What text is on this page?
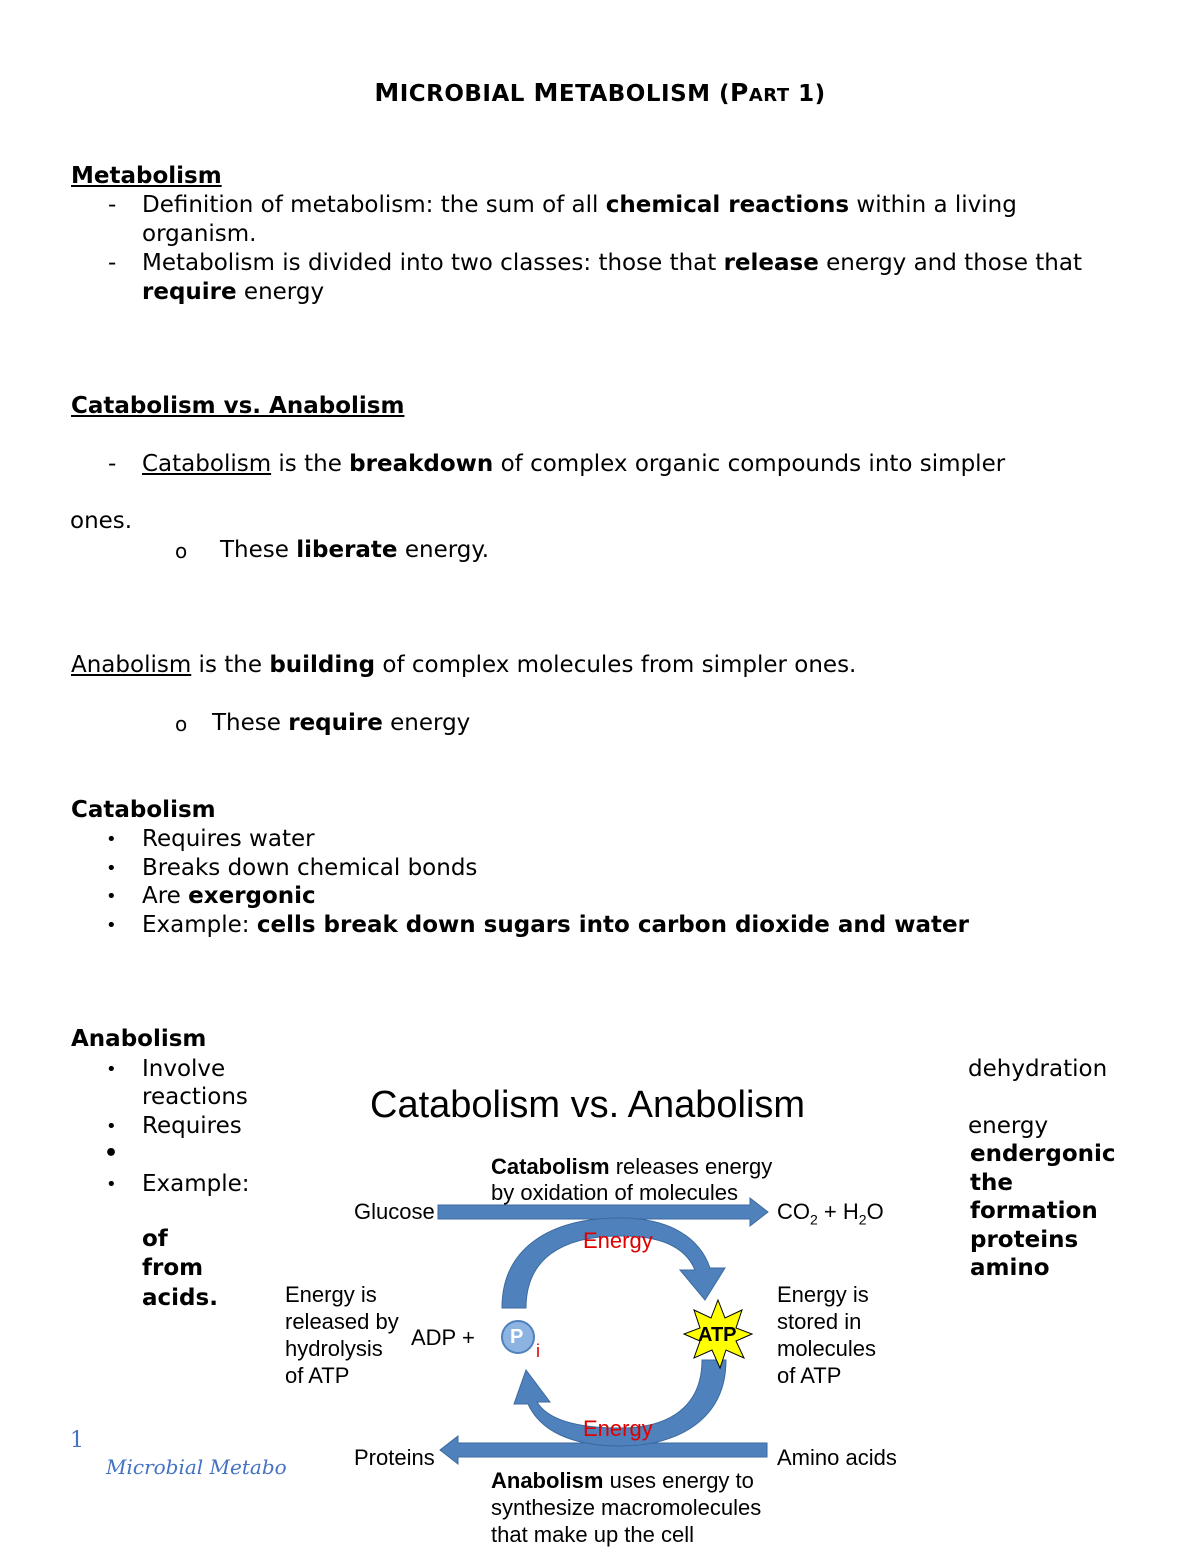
MICROBIAL METABOLISM (PART 1)
Metabolism
- Definition of metabolism: the sum of all chemical reactions within a living
organism.
- Metabolism is divided into two classes: those that release energy and those that
require energy
Catabolism vs. Anabolism
- Catabolism is the breakdown of complex organic compounds into simpler
ones.
o These liberate energy.
Anabolism is the building of complex molecules from simpler ones.
o These require energy
Catabolism
• Requires water
• Breaks down chemical bonds
• Are exergonic
• Example: cells break down sugars into carbon dioxide and water
Anabolism
• Involve
reactions
• Requires
•
• Example:
of
from
acids.
dehydration
energy
endergonic
the
formation
proteins
amino
1
Microbial Metabo
Catabolism vs. Anabolism
Catabolism releases energy
by oxidation of molecules
Glucose	$CO_2 + H_2O$
Energy
Energy is
released by
hydrolysis
of ATP
Energy is
stored in
molecules
of ATP
ADP + P
i
ATP
Energy
Proteins	Amino acids
Anabolism uses energy to
synthesize macromolecules
that make up the cell
